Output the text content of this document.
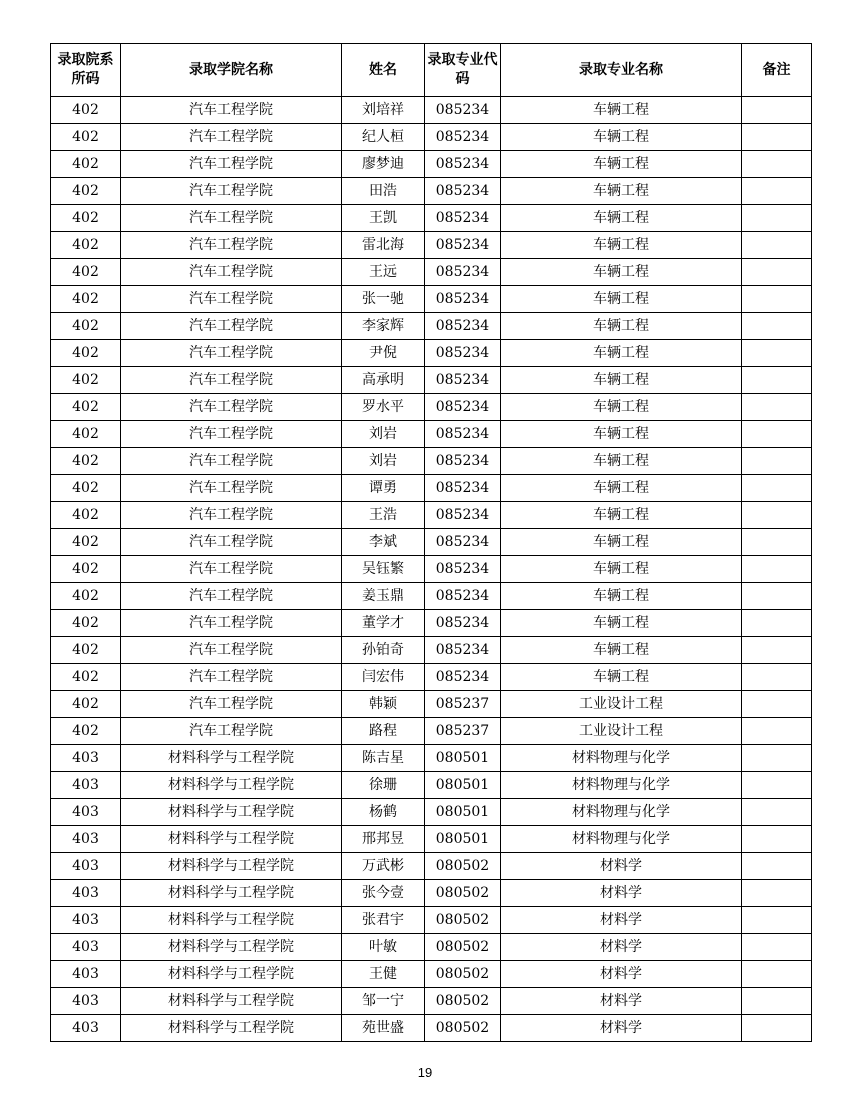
录取院系所码	录取学院名称	姓名	录取专业代码	录取专业名称	备注
402	汽车工程学院	刘培祥	085234	车辆工程	
402	汽车工程学院	纪人桓	085234	车辆工程	
402	汽车工程学院	廖梦迪	085234	车辆工程	
402	汽车工程学院	田浩	085234	车辆工程	
402	汽车工程学院	王凯	085234	车辆工程	
402	汽车工程学院	雷北海	085234	车辆工程	
402	汽车工程学院	王远	085234	车辆工程	
402	汽车工程学院	张一驰	085234	车辆工程	
402	汽车工程学院	李家辉	085234	车辆工程	
402	汽车工程学院	尹倪	085234	车辆工程	
402	汽车工程学院	高承明	085234	车辆工程	
402	汽车工程学院	罗水平	085234	车辆工程	
402	汽车工程学院	刘岩	085234	车辆工程	
402	汽车工程学院	刘岩	085234	车辆工程	
402	汽车工程学院	谭勇	085234	车辆工程	
402	汽车工程学院	王浩	085234	车辆工程	
402	汽车工程学院	李斌	085234	车辆工程	
402	汽车工程学院	吴钰繁	085234	车辆工程	
402	汽车工程学院	姜玉鼎	085234	车辆工程	
402	汽车工程学院	董学才	085234	车辆工程	
402	汽车工程学院	孙铂奇	085234	车辆工程	
402	汽车工程学院	闫宏伟	085234	车辆工程	
402	汽车工程学院	韩颖	085237	工业设计工程	
402	汽车工程学院	路程	085237	工业设计工程	
403	材料科学与工程学院	陈吉星	080501	材料物理与化学	
403	材料科学与工程学院	徐珊	080501	材料物理与化学	
403	材料科学与工程学院	杨鹤	080501	材料物理与化学	
403	材料科学与工程学院	邢邦昱	080501	材料物理与化学	
403	材料科学与工程学院	万武彬	080502	材料学	
403	材料科学与工程学院	张今壹	080502	材料学	
403	材料科学与工程学院	张君宇	080502	材料学	
403	材料科学与工程学院	叶敏	080502	材料学	
403	材料科学与工程学院	王健	080502	材料学	
403	材料科学与工程学院	邹一宁	080502	材料学	
403	材料科学与工程学院	苑世盛	080502	材料学	
19
